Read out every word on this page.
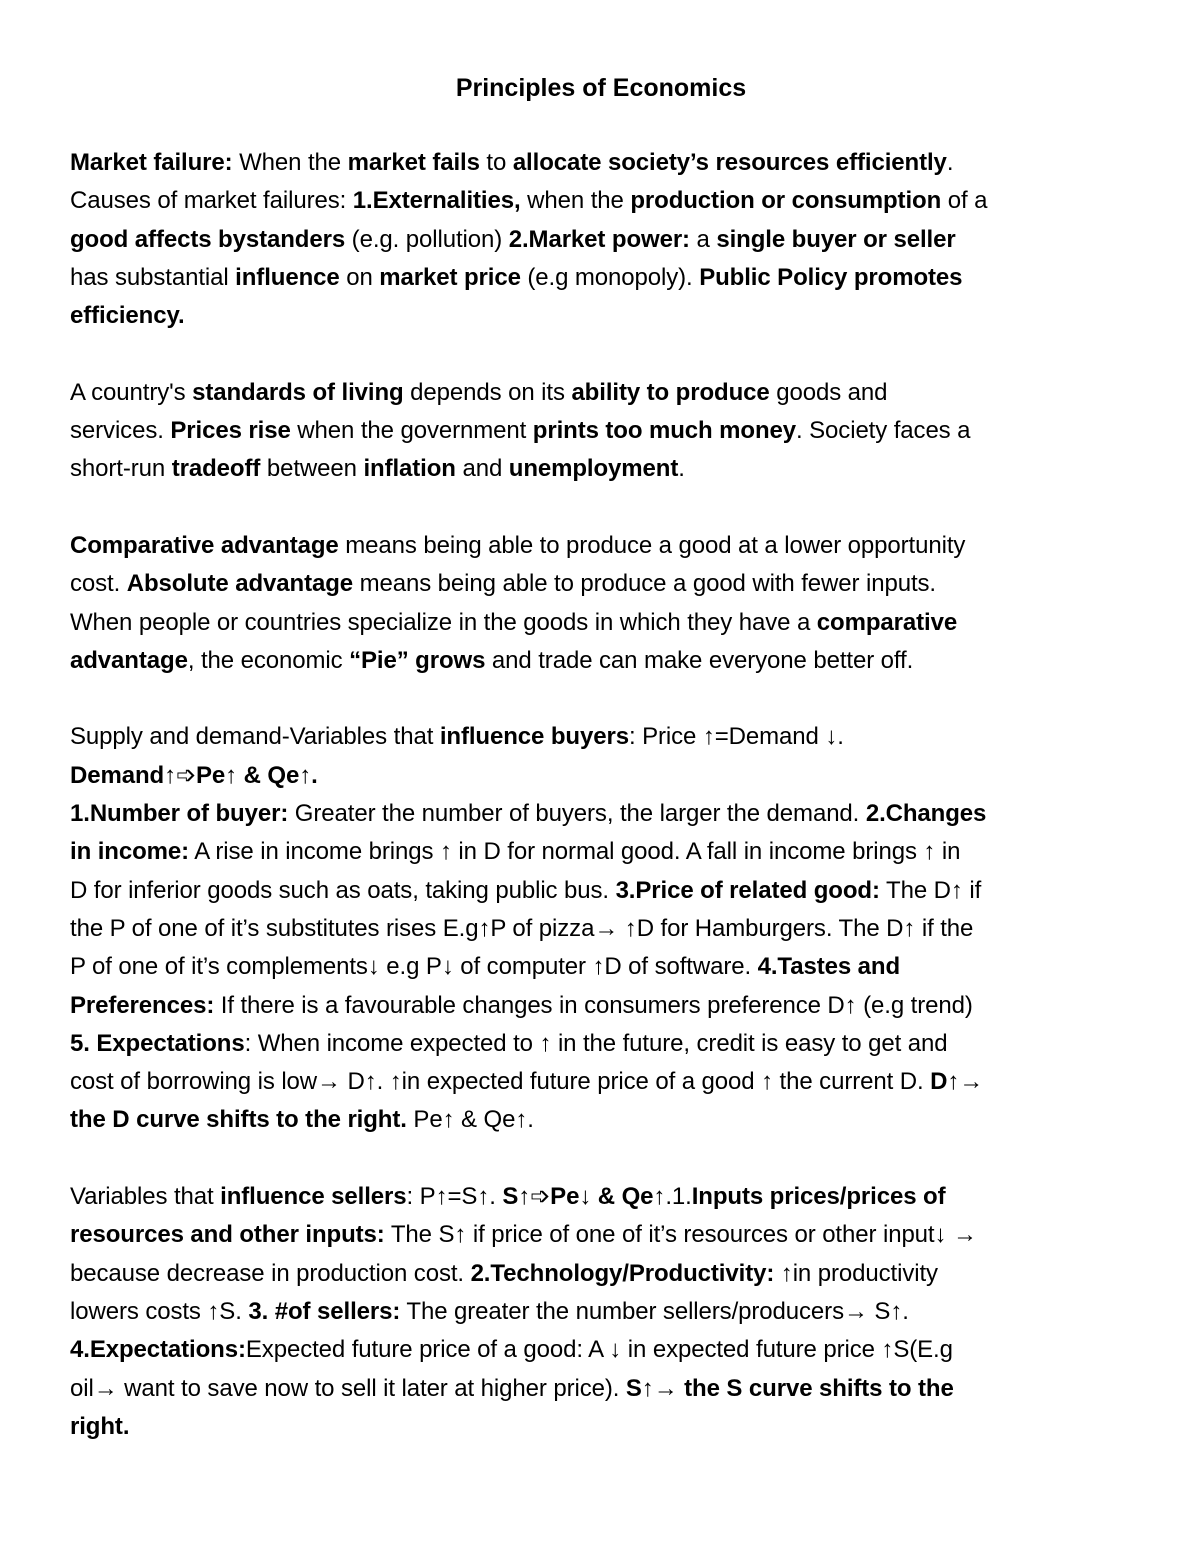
Principles of Economics
Market failure: When the market fails to allocate society’s resources efficiently.
Causes of market failures: 1.Externalities, when the production or consumption of a
good affects bystanders (e.g. pollution) 2.Market power: a single buyer or seller
has substantial influence on market price (e.g monopoly). Public Policy promotes
efficiency.
A country's standards of living depends on its ability to produce goods and
services. Prices rise when the government prints too much money. Society faces a
short-run tradeoff between inflation and unemployment.
Comparative advantage means being able to produce a good at a lower opportunity
cost. Absolute advantage means being able to produce a good with fewer inputs.
When people or countries specialize in the goods in which they have a comparative
advantage, the economic “Pie” grows and trade can make everyone better off.
Supply and demand-Variables that influence buyers: Price ↑=Demand ↓.
Demand↑➩Pe↑ & Qe↑.
1.Number of buyer: Greater the number of buyers, the larger the demand. 2.Changes
in income: A rise in income brings ↑ in D for normal good. A fall in income brings ↑ in
D for inferior goods such as oats, taking public bus. 3.Price of related good: The D↑ if
the P of one of it’s substitutes rises E.g↑P of pizza→ ↑D for Hamburgers. The D↑ if the
P of one of it’s complements↓ e.g P↓ of computer ↑D of software. 4.Tastes and
Preferences: If there is a favourable changes in consumers preference D↑ (e.g trend)
5. Expectations: When income expected to ↑ in the future, credit is easy to get and
cost of borrowing is low→ D↑. ↑in expected future price of a good ↑ the current D. D↑→
the D curve shifts to the right. Pe↑ & Qe↑.
Variables that influence sellers: P↑=S↑. S↑➩Pe↓ & Qe↑.1.Inputs prices/prices of
resources and other inputs: The S↑ if price of one of it’s resources or other input↓ →
because decrease in production cost. 2.Technology/Productivity: ↑in productivity
lowers costs ↑S. 3. #of sellers: The greater the number sellers/producers→ S↑.
4.Expectations:Expected future price of a good: A ↓ in expected future price ↑S(E.g
oil→ want to save now to sell it later at higher price). S↑→ the S curve shifts to the
right.
